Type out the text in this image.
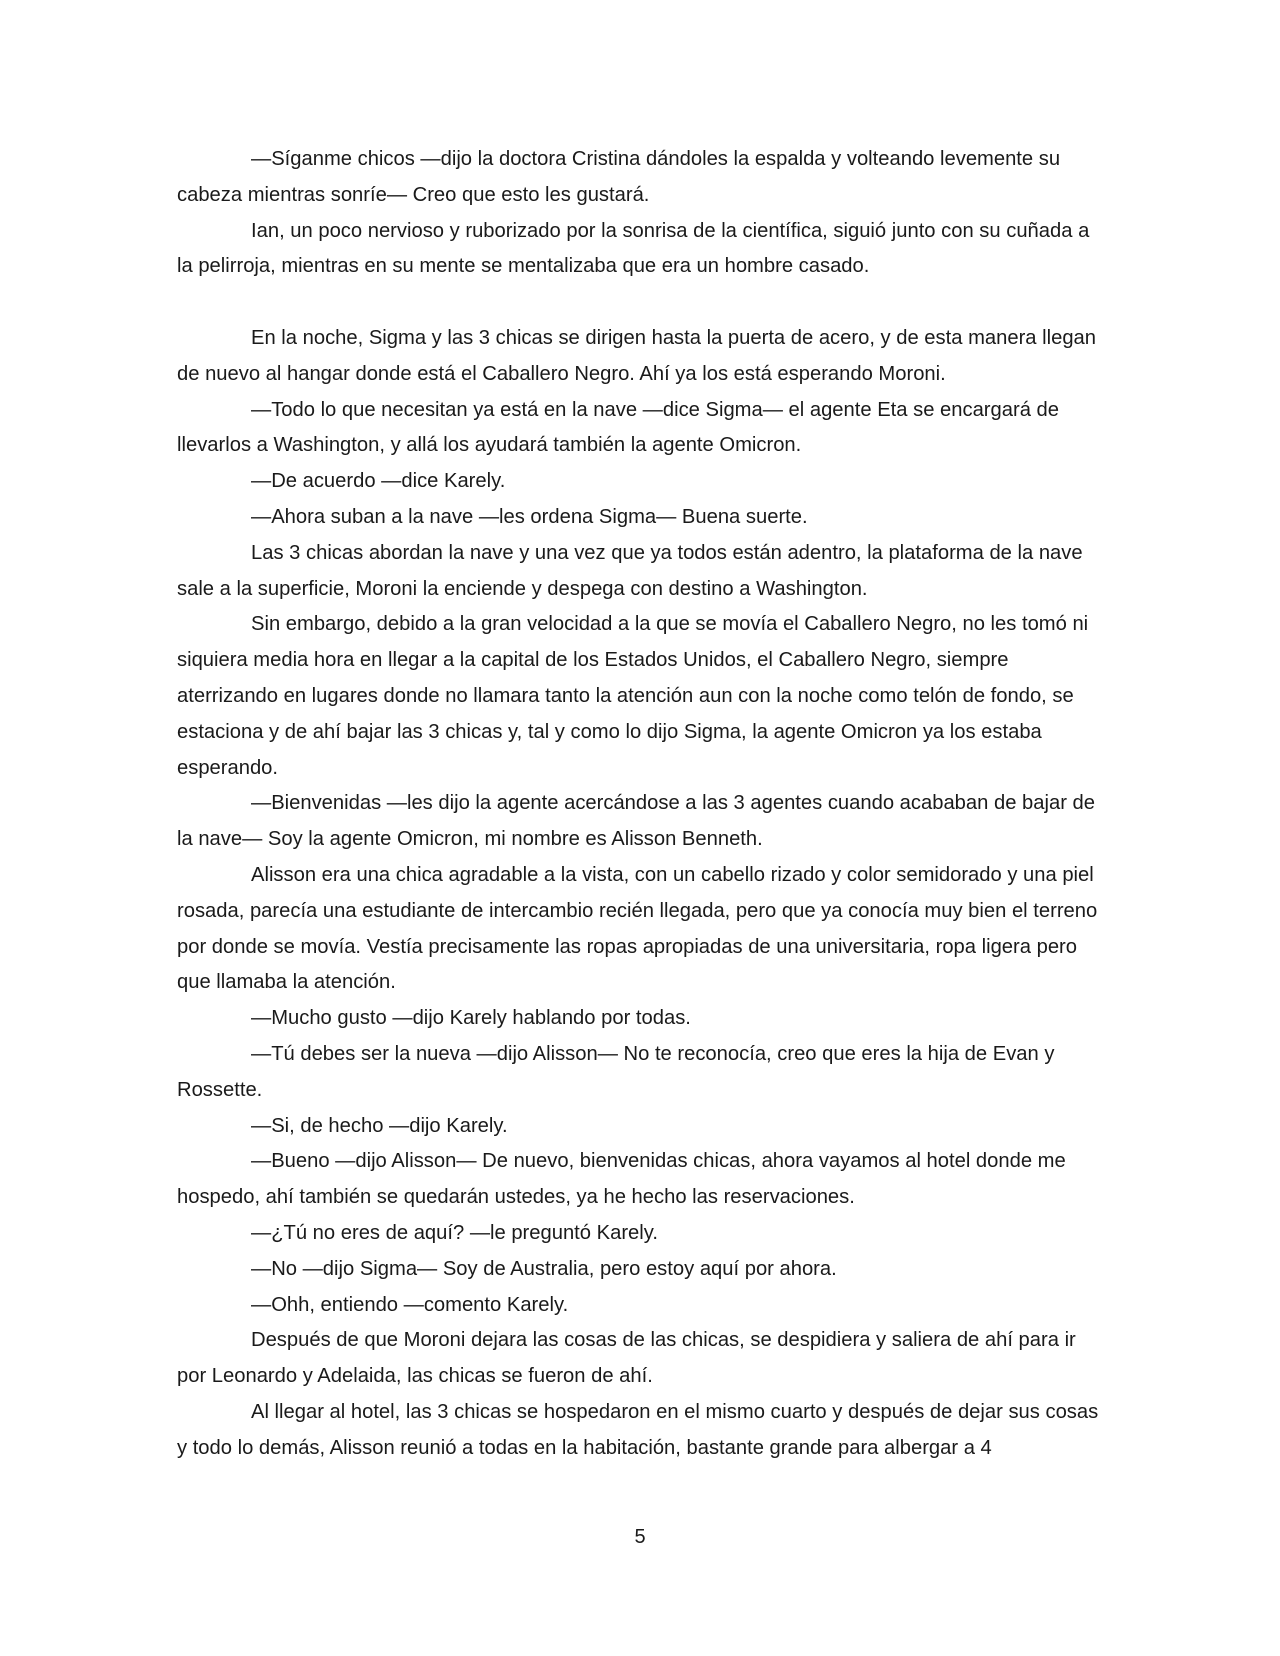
―Síganme chicos ―dijo la doctora Cristina dándoles la espalda y volteando levemente su cabeza mientras sonríe― Creo que esto les gustará.

Ian, un poco nervioso y ruborizado por la sonrisa de la científica, siguió junto con su cuñada a la pelirroja, mientras en su mente se mentalizaba que era un hombre casado.

En la noche, Sigma y las 3 chicas se dirigen hasta la puerta de acero, y de esta manera llegan de nuevo al hangar donde está el Caballero Negro. Ahí ya los está esperando Moroni.

―Todo lo que necesitan ya está en la nave ―dice Sigma― el agente Eta se encargará de llevarlos a Washington, y allá los ayudará también la agente Omicron.

―De acuerdo ―dice Karely.

―Ahora suban a la nave ―les ordena Sigma― Buena suerte.

Las 3 chicas abordan la nave y una vez que ya todos están adentro, la plataforma de la nave sale a la superficie, Moroni la enciende y despega con destino a Washington.

Sin embargo, debido a la gran velocidad a la que se movía el Caballero Negro, no les tomó ni siquiera media hora en llegar a la capital de los Estados Unidos, el Caballero Negro, siempre aterrizando en lugares donde no llamara tanto la atención aun con la noche como telón de fondo, se estaciona y de ahí bajar las 3 chicas y, tal y como lo dijo Sigma, la agente Omicron ya los estaba esperando.

―Bienvenidas ―les dijo la agente acercándose a las 3 agentes cuando acababan de bajar de la nave― Soy la agente Omicron, mi nombre es Alisson Benneth.

Alisson era una chica agradable a la vista, con un cabello rizado y color semidorado y una piel rosada, parecía una estudiante de intercambio recién llegada, pero que ya conocía muy bien el terreno por donde se movía. Vestía precisamente las ropas apropiadas de una universitaria, ropa ligera pero que llamaba la atención.

―Mucho gusto ―dijo Karely hablando por todas.

―Tú debes ser la nueva ―dijo Alisson― No te reconocía, creo que eres la hija de Evan y Rossette.

―Si, de hecho ―dijo Karely.

―Bueno ―dijo Alisson― De nuevo, bienvenidas chicas, ahora vayamos al hotel donde me hospedo, ahí también se quedarán ustedes, ya he hecho las reservaciones.

―¿Tú no eres de aquí? ―le preguntó Karely.

―No ―dijo Sigma― Soy de Australia, pero estoy aquí por ahora.

―Ohh, entiendo ―comento Karely.

Después de que Moroni dejara las cosas de las chicas, se despidiera y saliera de ahí para ir por Leonardo y Adelaida, las chicas se fueron de ahí.

Al llegar al hotel, las 3 chicas se hospedaron en el mismo cuarto y después de dejar sus cosas y todo lo demás, Alisson reunió a todas en la habitación, bastante grande para albergar a 4

5
